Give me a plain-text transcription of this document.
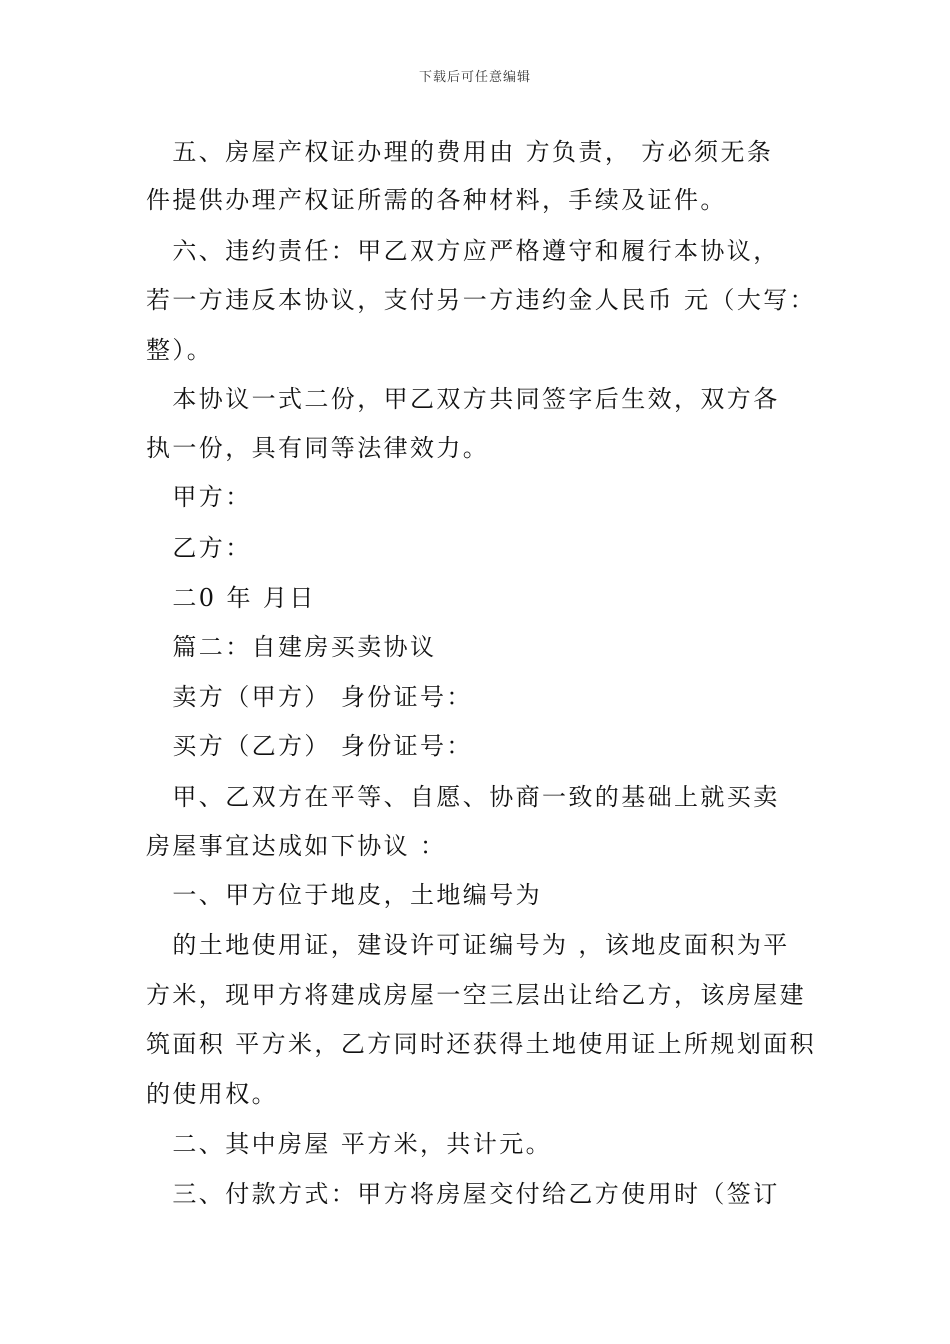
下载后可任意编辑
　五、房屋产权证办理的费用由 方负责， 方必须无条
件提供办理产权证所需的各种材料，手续及证件。
　六、违约责任：甲乙双方应严格遵守和履行本协议，
若一方违反本协议，支付另一方违约金人民币 元（大写：
整）。
　本协议一式二份，甲乙双方共同签字后生效，双方各
执一份，具有同等法律效力。
　甲方：
　乙方：
　二0 年 月日
　篇二：自建房买卖协议
　卖方（甲方） 身份证号：
　买方（乙方） 身份证号：
　甲、乙双方在平等、自愿、协商一致的基础上就买卖
房屋事宜达成如下协议 ：
　一、甲方位于地皮，土地编号为
　的土地使用证，建设许可证编号为 ，该地皮面积为平
方米，现甲方将建成房屋一空三层出让给乙方，该房屋建
筑面积 平方米，乙方同时还获得土地使用证上所规划面积
的使用权。
　二、其中房屋 平方米，共计元。
　三、付款方式：甲方将房屋交付给乙方使用时（签订
